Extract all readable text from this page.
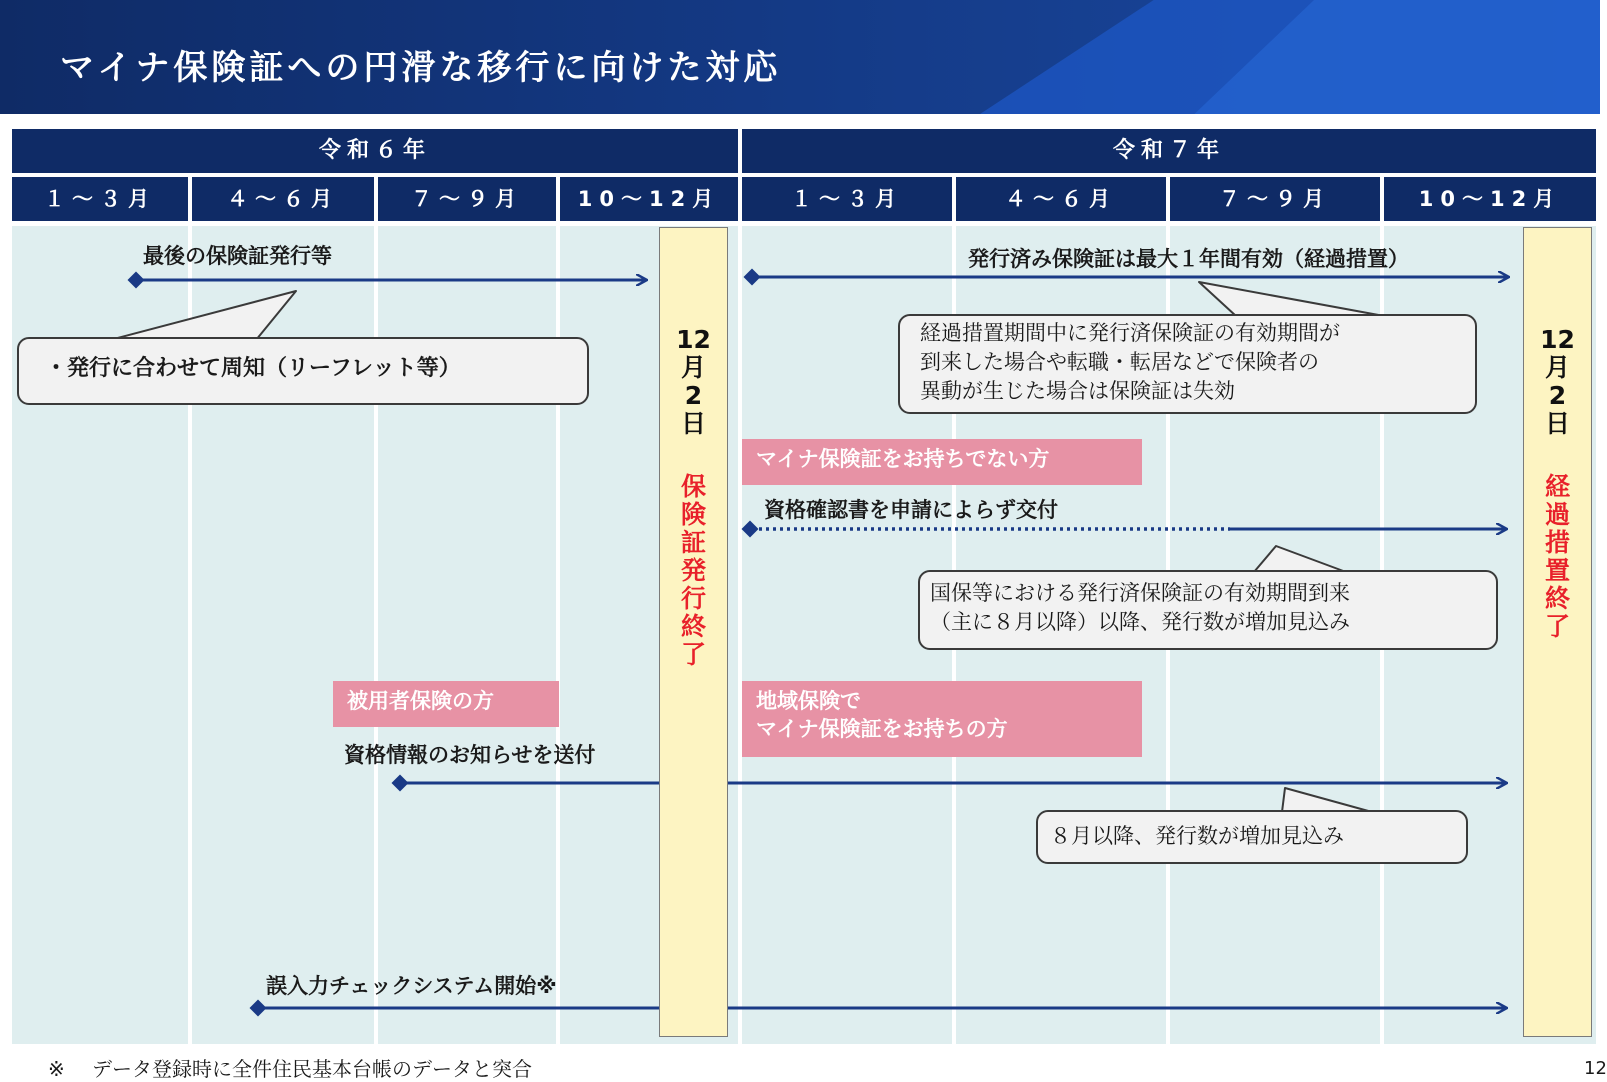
マイナ保険証への円滑な移行に向けた対応
令和６年	令和７年
１～３月	４～６月	７～９月	10～12月	１～３月	４～６月	７～９月	10～12月
12
月
2
日
保
険
証
発
行
終
了
12
月
2
日
経
過
措
置
終
了
最後の保険証発行等	発行済み保険証は最大１年間有効（経過措置）
資格確認書を申請によらず交付
資格情報のお知らせを送付
誤入力チェックシステム開始※
マイナ保険証をお持ちでない方
被用者保険の方	地域保険で
マイナ保険証をお持ちの方
・発行に合わせて周知（リーフレット等）
経過措置期間中に発行済保険証の有効期間が
到来した場合や転職・転居などで保険者の
異動が生じた場合は保険証は失効
国保等における発行済保険証の有効期間到来
（主に８月以降）以降、発行数が増加見込み
８月以降、発行数が増加見込み
※ データ登録時に全件住民基本台帳のデータと突合	12
